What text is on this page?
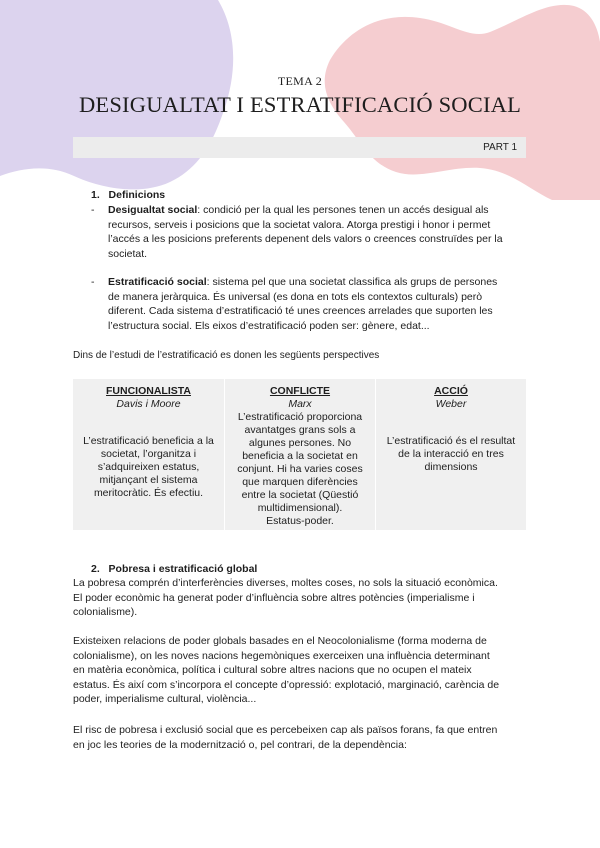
TEMA 2
DESIGUALTAT I ESTRATIFICACIÓ SOCIAL
PART 1
1. Definicions
- Desigualtat social: condició per la qual les persones tenen un accés desigual als
recursos, serveis i posicions que la societat valora. Atorga prestigi i honor i permet
l’accés a les posicions preferents depenent dels valors o creences construïdes per la
societat.
- Estratificació social: sistema pel que una societat classifica als grups de persones
de manera jeràrquica. És universal (es dona en tots els contextos culturals) però
diferent. Cada sistema d’estratificació té unes creences arrelades que suporten les
l’estructura social. Els eixos d’estratificació poden ser: gènere, edat...
Dins de l’estudi de l’estratificació es donen les següents perspectives
FUNCIONALISTA
Davis i Moore
L’estratificació beneficia a la
societat, l’organitza i
s’adquireixen estatus,
mitjançant el sistema
meritocràtic. És efectiu.
CONFLICTE
Marx
L’estratificació proporciona
avantatges grans sols a
algunes persones. No
beneficia a la societat en
conjunt. Hi ha varies coses
que marquen diferències
entre la societat (Qüestió
multidimensional).
Estatus-poder.
ACCIÓ
Weber
L’estratificació és el resultat
de la interacció en tres
dimensions
2. Pobresa i estratificació global
La pobresa comprén d’interferències diverses, moltes coses, no sols la situació econòmica.
El poder econòmic ha generat poder d’influència sobre altres potències (imperialisme i
colonialisme).
Existeixen relacions de poder globals basades en el Neocolonialisme (forma moderna de
colonialisme), on les noves nacions hegemòniques exerceixen una influència determinant
en matèria econòmica, política i cultural sobre altres nacions que no ocupen el mateix
estatus. És així com s’incorpora el concepte d’opressió: explotació, marginació, carència de
poder, imperialisme cultural, violència...
El risc de pobresa i exclusió social que es percebeixen cap als països forans, fa que entren
en joc les teories de la modernització o, pel contrari, de la dependència:
